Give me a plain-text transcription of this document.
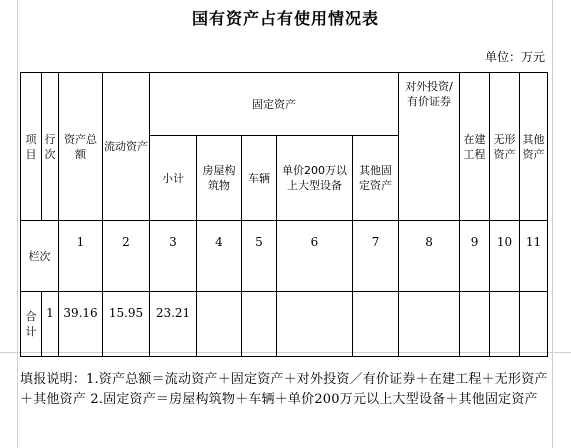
国有资产占有使用情况表
单位：万元
项目	行次	资产总额	流动资产	固定资产					对外投资/有价证券	在建工程	无形资产	其他资产
				小计	房屋构筑物	车辆	单价200万以上大型设备	其他固定资产				
栏次		1	2	3	4	5	6	7	8	9	10	11
合计	1	39.16	15.95	23.21								
填报说明：1.资产总额＝流动资产＋固定资产＋对外投资／有价证券＋在建工程＋无形资产＋其他资产 2.固定资产＝房屋构筑物＋车辆＋单价200万元以上大型设备＋其他固定资产
